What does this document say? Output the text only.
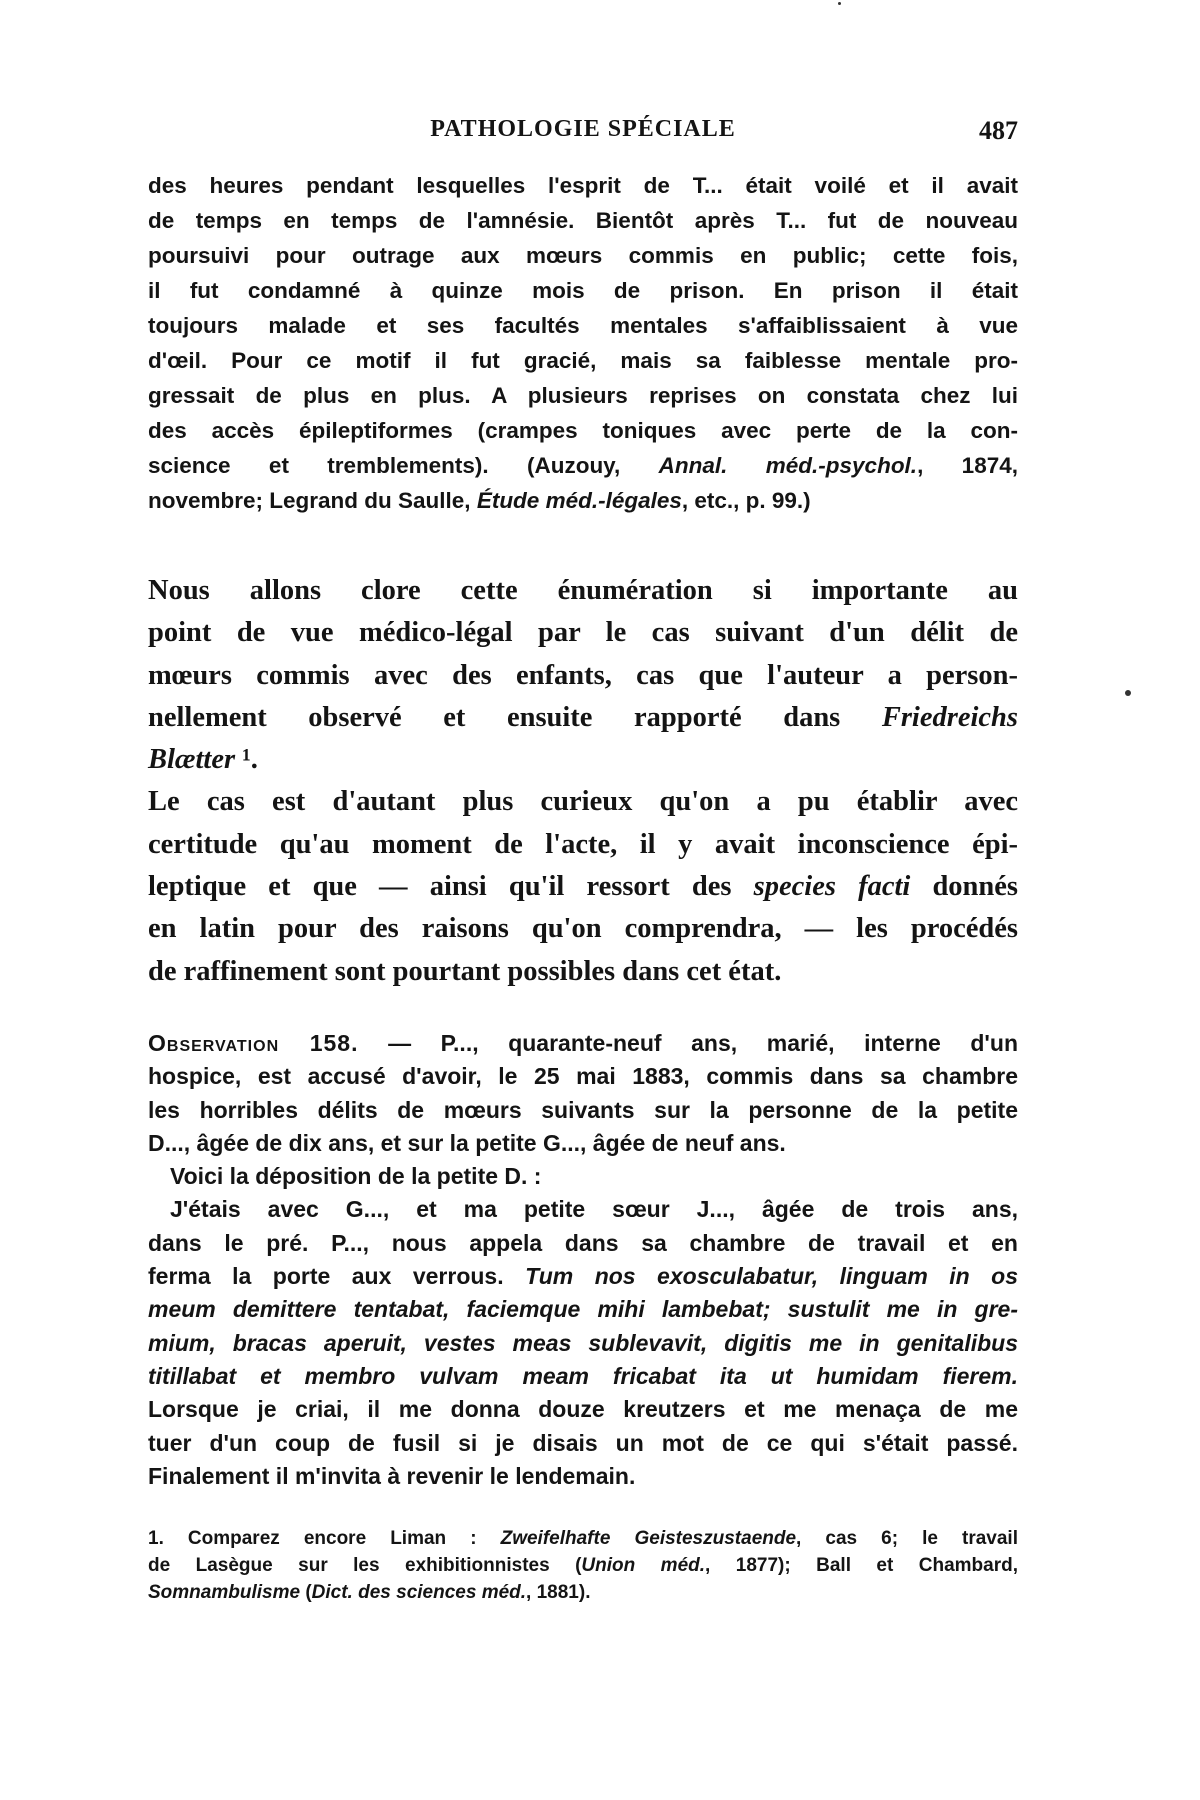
PATHOLOGIE SPÉCIALE	487
des heures pendant lesquelles l'esprit de T... était voilé et il avait
de temps en temps de l'amnésie. Bientôt après T... fut de nouveau
poursuivi pour outrage aux mœurs commis en public; cette fois,
il fut condamné à quinze mois de prison. En prison il était
toujours malade et ses facultés mentales s'affaiblissaient à vue
d'œil. Pour ce motif il fut gracié, mais sa faiblesse mentale pro-
gressait de plus en plus. A plusieurs reprises on constata chez lui
des accès épileptiformes (crampes toniques avec perte de la con-
science et tremblements). (Auzouy, Annal. méd.-psychol., 1874,
novembre; Legrand du Saulle, Étude méd.-légales, etc., p. 99.)
Nous allons clore cette énumération si importante au
point de vue médico-légal par le cas suivant d'un délit de
mœurs commis avec des enfants, cas que l'auteur a person-
nellement observé et ensuite rapporté dans Friedreichs
Blætter ¹.
Le cas est d'autant plus curieux qu'on a pu établir avec
certitude qu'au moment de l'acte, il y avait inconscience épi-
leptique et que — ainsi qu'il ressort des species facti donnés
en latin pour des raisons qu'on comprendra, — les procédés
de raffinement sont pourtant possibles dans cet état.
Observation 158. — P..., quarante-neuf ans, marié, interne d'un
hospice, est accusé d'avoir, le 25 mai 1883, commis dans sa chambre
les horribles délits de mœurs suivants sur la personne de la petite
D..., âgée de dix ans, et sur la petite G..., âgée de neuf ans.
Voici la déposition de la petite D. :
J'étais avec G..., et ma petite sœur J..., âgée de trois ans,
dans le pré. P..., nous appela dans sa chambre de travail et en
ferma la porte aux verrous. Tum nos exosculabatur, linguam in os
meum demittere tentabat, faciemque mihi lambebat; sustulit me in gre-
mium, bracas aperuit, vestes meas sublevavit, digitis me in genitalibus
titillabat et membro vulvam meam fricabat ita ut humidam fierem.
Lorsque je criai, il me donna douze kreutzers et me menaça de me
tuer d'un coup de fusil si je disais un mot de ce qui s'était passé.
Finalement il m'invita à revenir le lendemain.
1. Comparez encore Liman : Zweifelhafte Geisteszustaende, cas 6; le travail
de Lasègue sur les exhibitionnistes (Union méd., 1877); Ball et Chambard,
Somnambulisme (Dict. des sciences méd., 1881).
